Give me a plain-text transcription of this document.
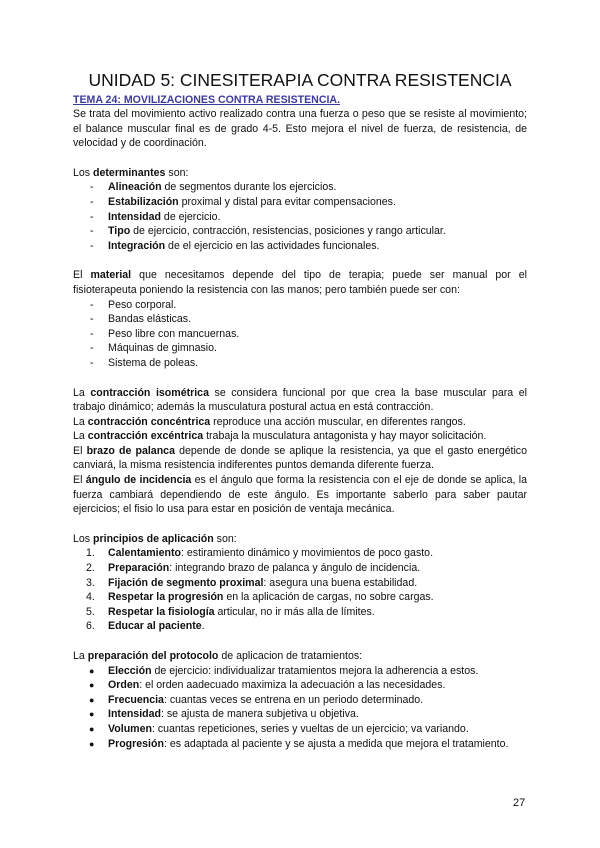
UNIDAD 5: CINESITERAPIA CONTRA RESISTENCIA
TEMA 24: MOVILIZACIONES CONTRA RESISTENCIA.

Se trata del movimiento activo realizado contra una fuerza o peso que se resiste al movimiento; el balance muscular final es de grado 4-5. Esto mejora el nivel de fuerza, de resistencia, de velocidad y de coordinación.

Los determinantes son:

- Alineación de segmentos durante los ejercicios.
- Estabilización proximal y distal para evitar compensaciones.
- Intensidad de ejercicio.
- Tipo de ejercicio, contracción, resistencias, posiciones y rango articular.
- Integración de el ejercicio en las actividades funcionales.

El material que necesitamos depende del tipo de terapia; puede ser manual por el fisioterapeuta poniendo la resistencia con las manos; pero también puede ser con:

- Peso corporal.
- Bandas elásticas.
- Peso libre con mancuernas.
- Máquinas de gimnasio.
- Sistema de poleas.

La contracción isométrica se considera funcional por que crea la base muscular para el trabajo dinámico; además la musculatura postural actua en está contracción.

La contracción concéntrica reproduce una acción muscular, en diferentes rangos.

La contracción excéntrica trabaja la musculatura antagonista y hay mayor solicitación.

El brazo de palanca depende de donde se aplique la resistencia, ya que el gasto energético canviará, la misma resistencia indiferentes puntos demanda diferente fuerza.

El ángulo de incidencia es el ángulo que forma la resistencia con el eje de donde se aplica, la fuerza cambiará dependiendo de este ángulo. Es importante saberlo para saber pautar ejercicios; el fisio lo usa para estar en posición de ventaja mecánica.

Los principios de aplicación son:

1. Calentamiento: estiramiento dinámico y movimientos de poco gasto.
2. Preparación: integrando brazo de palanca y ángulo de incidencia.
3. Fijación de segmento proximal: asegura una buena estabilidad.
4. Respetar la progresión en la aplicación de cargas, no sobre cargas.
5. Respetar la fisiología articular, no ir más alla de límites.
6. Educar al paciente.

La preparación del protocolo de aplicacion de tratamientos:

● Elección de ejercicio: individualizar tratamientos mejora la adherencia a estos.
● Orden: el orden aadecuado maximiza la adecuación a las necesidades.
● Frecuencia: cuantas veces se entrena en un periodo determinado.
● Intensidad: se ajusta de manera subjetiva u objetiva.
● Volumen: cuantas repeticiones, series y vueltas de un ejercicio; va variando.
● Progresión: es adaptada al paciente y se ajusta a medida que mejora el tratamiento.
27
